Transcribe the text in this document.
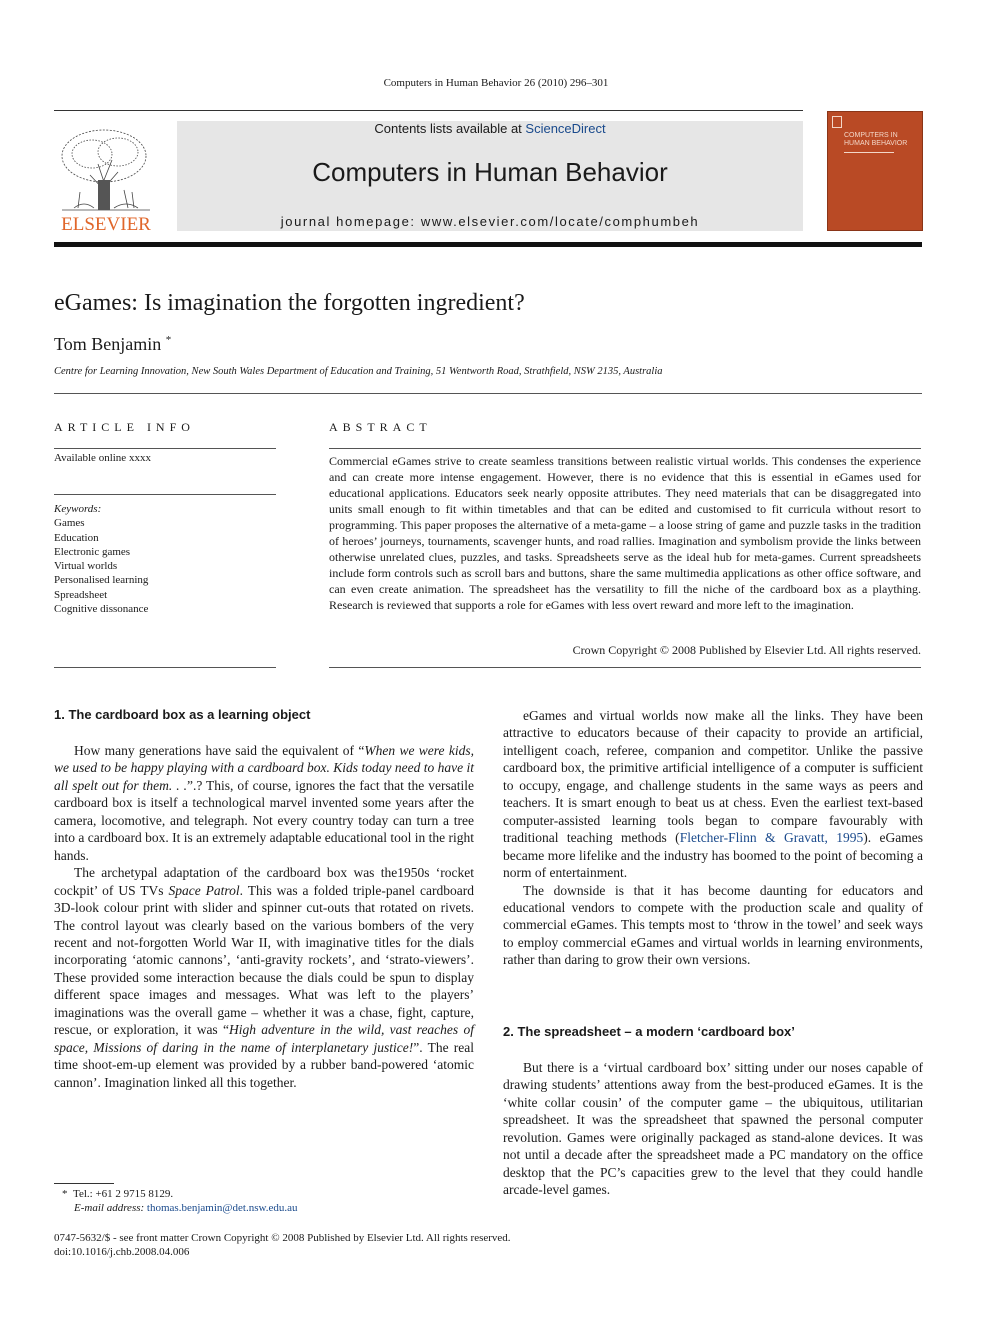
Computers in Human Behavior 26 (2010) 296–301
ELSEVIER
Contents lists available at ScienceDirect
Computers in Human Behavior
journal homepage: www.elsevier.com/locate/comphumbeh
COMPUTERS IN HUMAN BEHAVIOR
eGames: Is imagination the forgotten ingredient?
Tom Benjamin *
Centre for Learning Innovation, New South Wales Department of Education and Training, 51 Wentworth Road, Strathfield, NSW 2135, Australia
ARTICLE INFO	ABSTRACT
Available online xxxx
Keywords:
Games
Education
Electronic games
Virtual worlds
Personalised learning
Spreadsheet
Cognitive dissonance
Commercial eGames strive to create seamless transitions between realistic virtual worlds. This condenses the experience and can create more intense engagement. However, there is no evidence that this is essential in eGames used for educational applications. Educators seek nearly opposite attributes. They need materials that can be disaggregated into units small enough to fit within timetables and that can be edited and customised to fit curricula without resort to programming. This paper proposes the alternative of a meta-game – a loose string of game and puzzle tasks in the tradition of heroes’ journeys, tournaments, scavenger hunts, and road rallies. Imagination and symbolism provide the links between otherwise unrelated clues, puzzles, and tasks. Spreadsheets serve as the ideal hub for meta-games. Current spreadsheets include form controls such as scroll bars and buttons, share the same multimedia applications as other office software, and can even create animation. The spreadsheet has the versatility to fill the niche of the cardboard box as a plaything. Research is reviewed that supports a role for eGames with less overt reward and more left to the imagination.
Crown Copyright © 2008 Published by Elsevier Ltd. All rights reserved.
1. The cardboard box as a learning object

How many generations have said the equivalent of “When we were kids, we used to be happy playing with a cardboard box. Kids today need to have it all spelt out for them. . .”.? This, of course, ignores the fact that the versatile cardboard box is itself a technological marvel invented some years after the camera, locomotive, and telegraph. Not every country today can turn a tree into a cardboard box. It is an extremely adaptable educational tool in the right hands.

The archetypal adaptation of the cardboard box was the1950s ‘rocket cockpit’ of US TVs Space Patrol. This was a folded triple-panel cardboard 3D-look colour print with slider and spinner cut-outs that rotated on rivets. The control layout was clearly based on the various bombers of the very recent and not-forgotten World War II, with imaginative titles for the dials incorporating ‘atomic cannons’, ‘anti-gravity rockets’, and ‘strato-viewers’. These provided some interaction because the dials could be spun to display different space images and messages. What was left to the players’ imaginations was the overall game – whether it was a chase, fight, capture, rescue, or exploration, it was “High adventure in the wild, vast reaches of space, Missions of daring in the name of interplanetary justice!”. The real time shoot-em-up element was provided by a rubber band-powered ‘atomic cannon’. Imagination linked all this together.

eGames and virtual worlds now make all the links. They have been attractive to educators because of their capacity to provide an artificial, intelligent coach, referee, companion and competitor. Unlike the passive cardboard box, the primitive artificial intelligence of a computer is sufficient to occupy, engage, and challenge students in the same ways as peers and teachers. It is smart enough to beat us at chess. Even the earliest text-based computer-assisted learning tools began to compare favourably with traditional teaching methods (Fletcher-Flinn & Gravatt, 1995). eGames became more lifelike and the industry has boomed to the point of becoming a norm of entertainment.

The downside is that it has become daunting for educators and educational vendors to compete with the production scale and quality of commercial eGames. This tempts most to ‘throw in the towel’ and seek ways to employ commercial eGames and virtual worlds in learning environments, rather than daring to grow their own versions.

2. The spreadsheet – a modern ‘cardboard box’

But there is a ‘virtual cardboard box’ sitting under our noses capable of drawing students’ attentions away from the best-produced eGames. It is the ‘white collar cousin’ of the computer game – the ubiquitous, utilitarian spreadsheet. It was the spreadsheet that spawned the personal computer revolution. Games were originally packaged as stand-alone devices. It was not until a decade after the spreadsheet made a PC mandatory on the office desktop that the PC’s capacities grew to the level that they could handle arcade-level games.

* Tel.: +61 2 9715 8129.
E-mail address: thomas.benjamin@det.nsw.edu.au
0747-5632/$ - see front matter Crown Copyright © 2008 Published by Elsevier Ltd. All rights reserved.
doi:10.1016/j.chb.2008.04.006
